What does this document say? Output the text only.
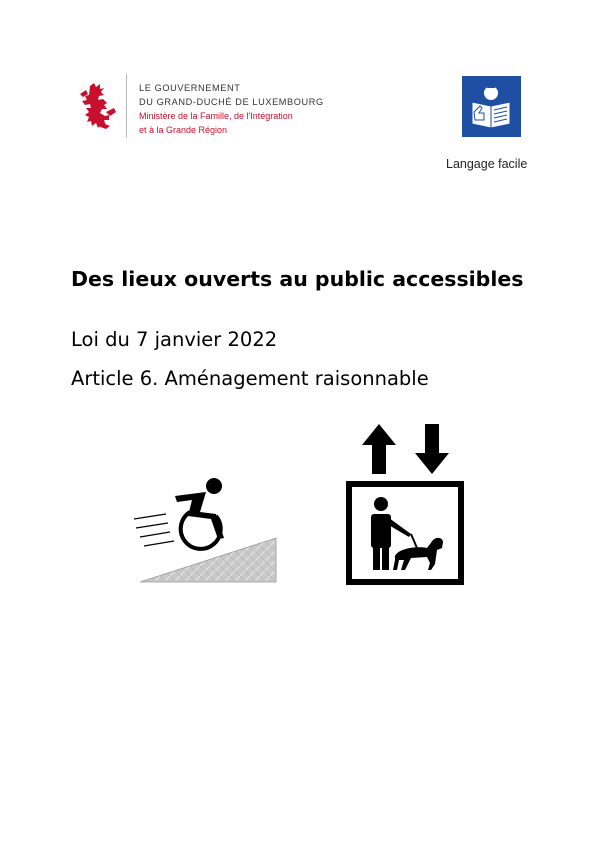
LE GOUVERNEMENT
DU GRAND-DUCHÉ DE LUXEMBOURG
Ministère de la Famille, de l'Intégration
et à la Grande Région
Langage facile
Des lieux ouverts au public accessibles

Loi du 7 janvier 2022

Article 6. Aménagement raisonnable
